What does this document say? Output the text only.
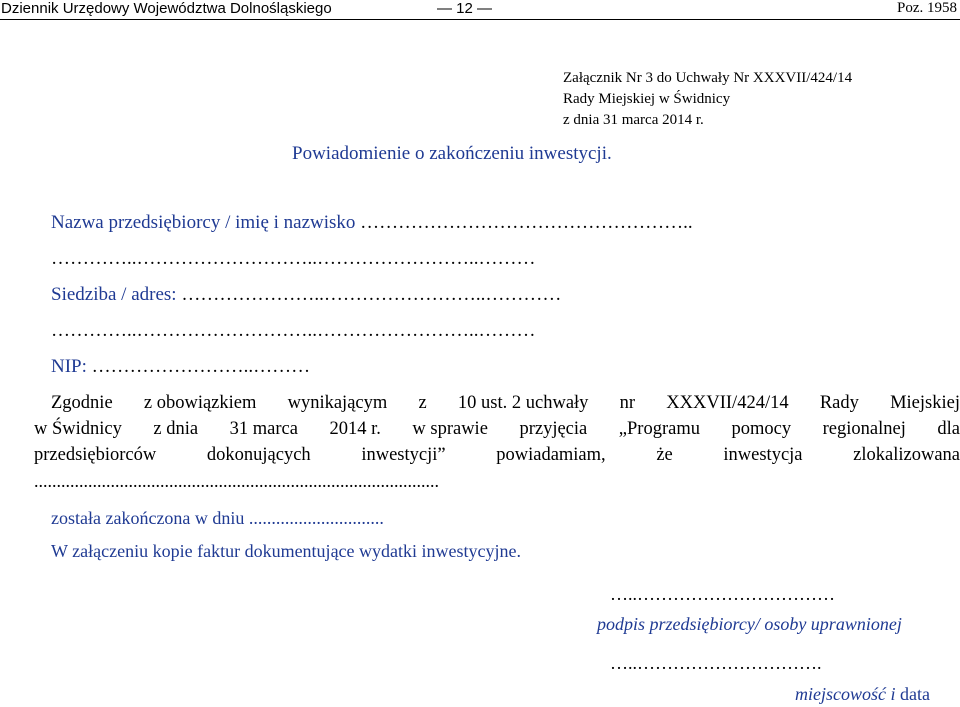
Dziennik Urzędowy Województwa Dolnośląskiego	— 12 —	Poz. 1958
Załącznik Nr 3 do Uchwały Nr XXXVII/424/14
Rady Miejskiej w Świdnicy
z dnia 31 marca 2014 r.
Powiadomienie o zakończeniu inwestycji.
Nazwa przedsiębiorcy / imię i nazwisko ……………………………………………..
…………..………………………..……………………..………
Siedziba / adres: …………………..……………………..…………
…………..………………………..……………………..………
NIP: ……………………..………
Zgodnie z obowiązkiem wynikającym z 10 ust. 2 uchwały nr XXXVII/424/14 Rady Miejskiej
w Świdnicy z dnia 31 marca 2014 r. w sprawie przyjęcia „Programu pomocy regionalnej dla
przedsiębiorców	dokonujących	inwestycji”	powiadamiam,	że	inwestycja	zlokalizowana
..........................................................................................
została zakończona w dniu ..............................
W załączeniu kopie faktur dokumentujące wydatki inwestycyjne.
…..……………………………
podpis przedsiębiorcy/ osoby uprawnionej
…..………………………….
miejscowość i data
